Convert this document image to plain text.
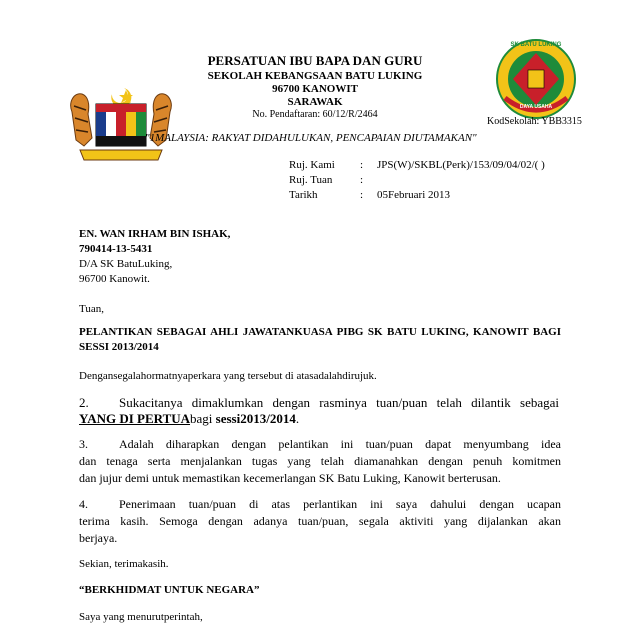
SK BATU LUKING
DAYA USAHA
PERSATUAN IBU BAPA DAN GURU
SEKOLAH KEBANGSAAN BATU LUKING
96700 KANOWIT
SARAWAK
No. Pendaftaran: 60/12/R/2464
KodSekolah: YBB3315
"1MALAYSIA: RAKYAT DIDAHULUKAN, PENCAPAIAN DIUTAMAKAN"
Ruj. Kami : JPS(W)/SKBL(Perk)/153/09/04/02/( )
Ruj. Tuan	:
Tarikh	: 05Februari 2013
EN. WAN IRHAM BIN ISHAK,
790414-13-5431
D/A SK BatuLuking,
96700 Kanowit.
Tuan,
PELANTIKAN SEBAGAI AHLI JAWATANKUASA PIBG SK BATU LUKING, KANOWIT BAGI
SESSI 2013/2014
Dengansegalahormatnyaperkara yang tersebut di atasadalahdirujuk.
2. Sukacitanya dimaklumkan dengan rasminya tuan/puan telah dilantik sebagai
YANG DI PERTUAbagi sessi2013/2014.
3.	Adalah diharapkan dengan pelantikan ini tuan/puan dapat menyumbang idea
dan tenaga serta menjalankan tugas yang telah diamanahkan dengan penuh komitmen
dan jujur demi untuk memastikan kecemerlangan SK Batu Luking, Kanowit berterusan.
4.	Penerimaan tuan/puan di atas perlantikan ini saya dahului dengan ucapan
terima kasih. Semoga dengan adanya tuan/puan, segala aktiviti yang dijalankan akan
berjaya.
Sekian, terimakasih.
“BERKHIDMAT UNTUK NEGARA”
Saya yang menurutperintah,
